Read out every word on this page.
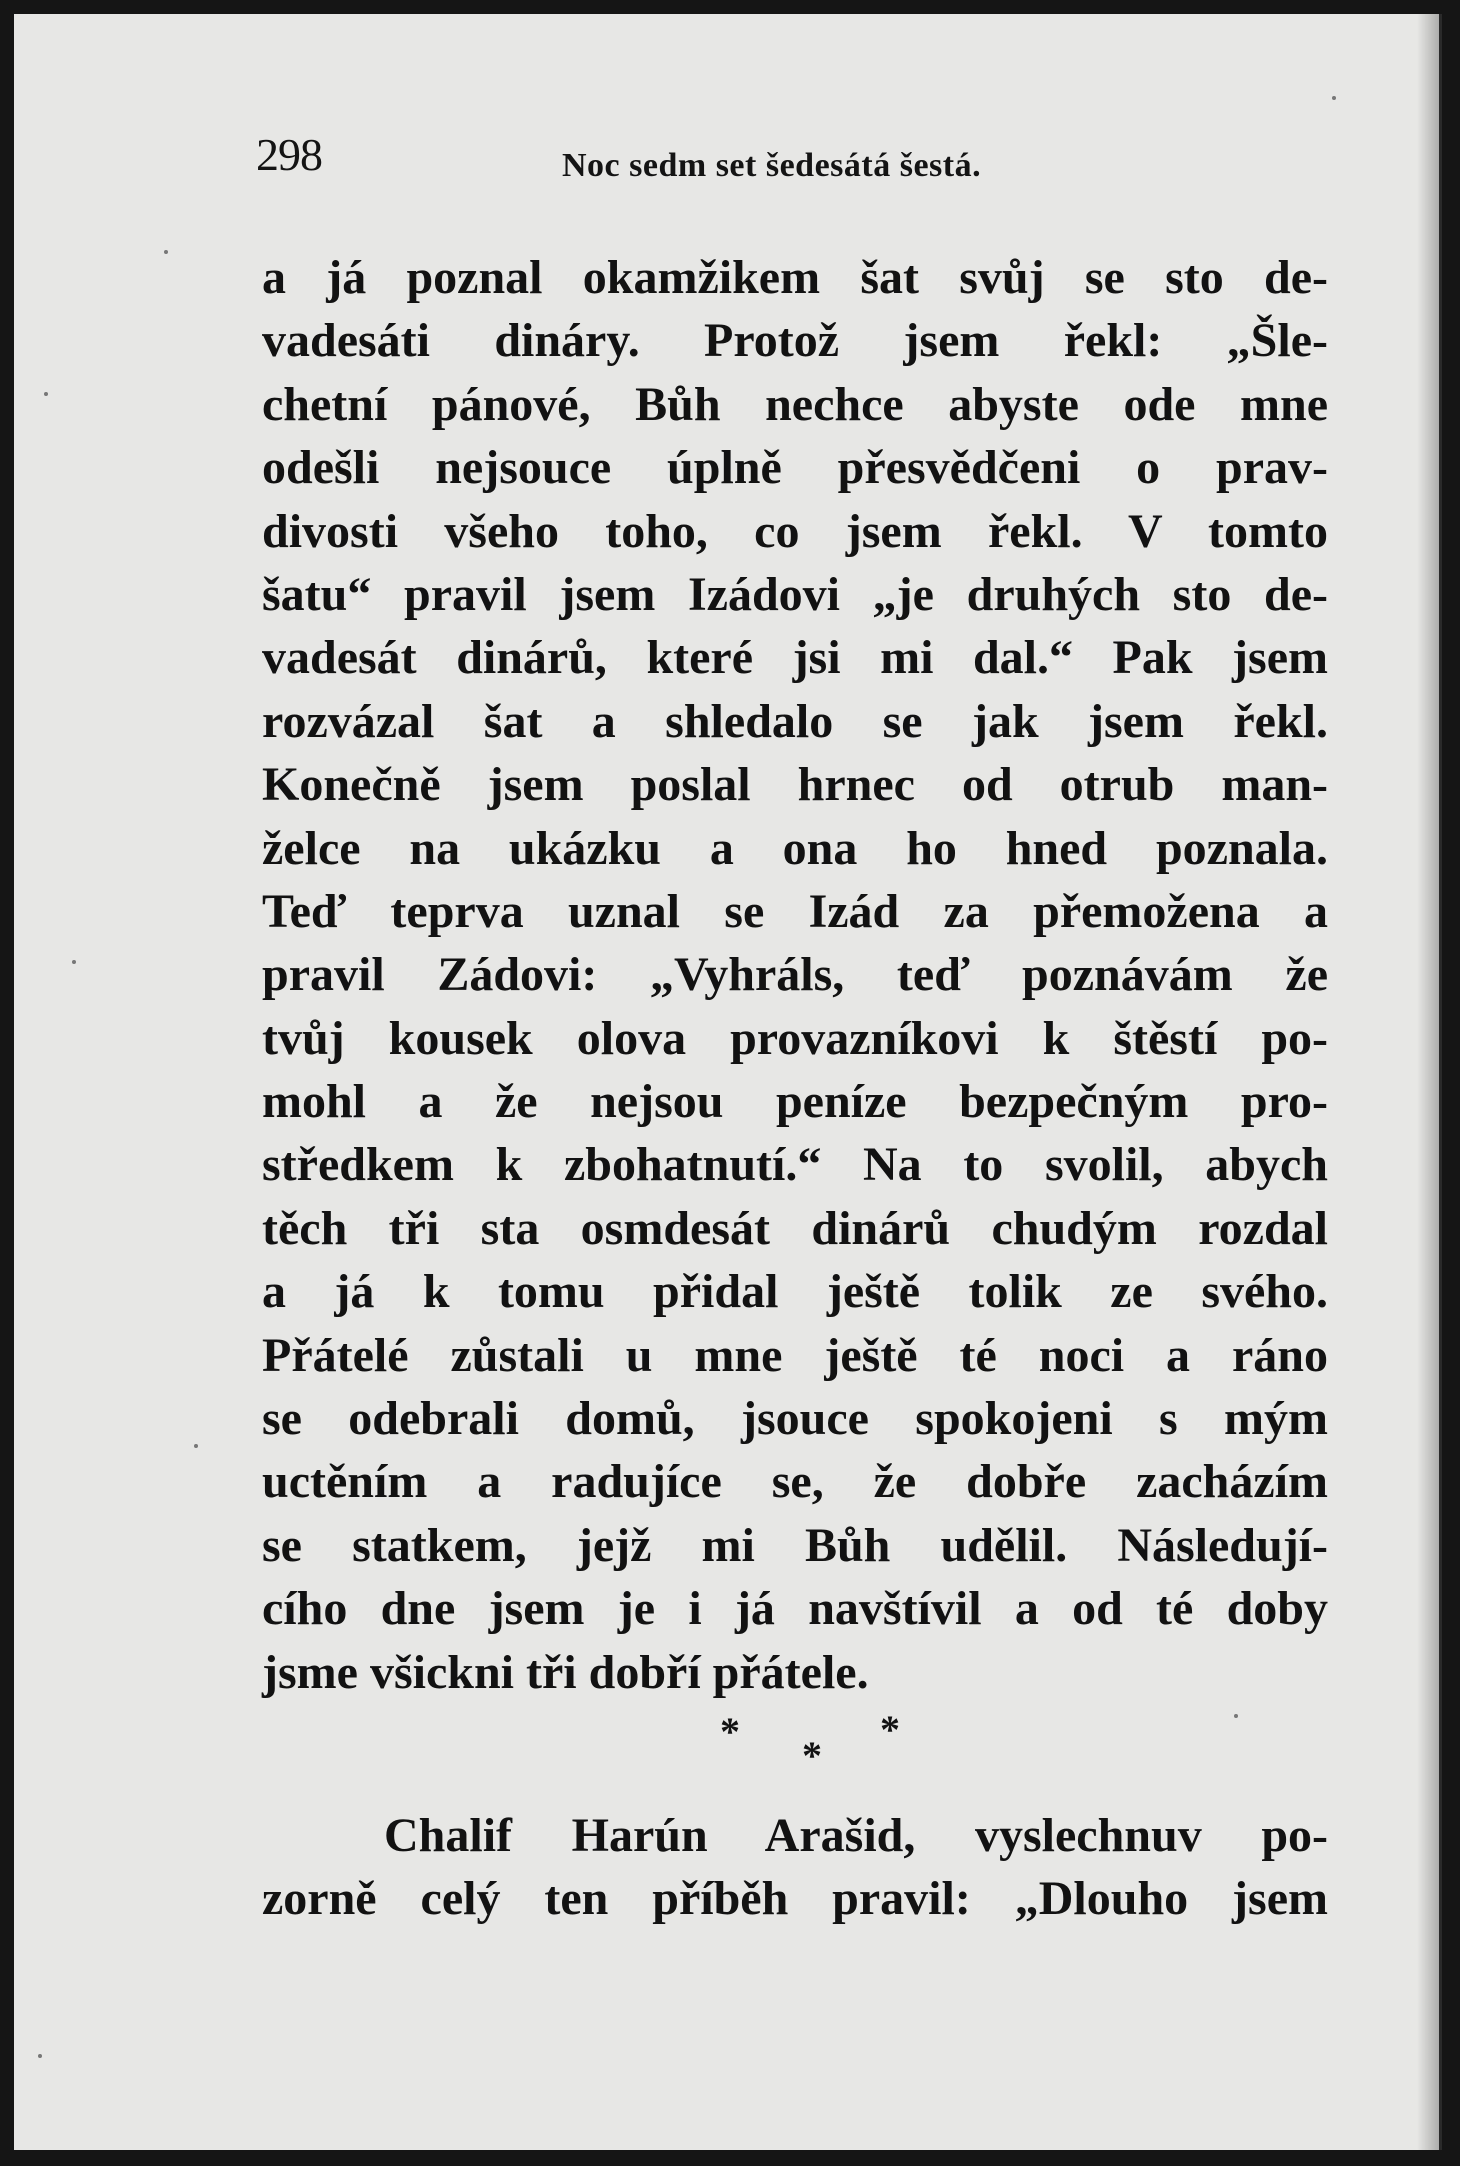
298	Noc sedm set šedesátá šestá.
a já poznal okamžikem šat svůj se sto de-
vadesáti dináry. Protož jsem řekl: „Šle-
chetní pánové, Bůh nechce abyste ode mne
odešli nejsouce úplně přesvědčeni o prav-
divosti všeho toho, co jsem řekl. V tomto
šatu“ pravil jsem Izádovi „je druhých sto de-
vadesát dinárů, které jsi mi dal.“ Pak jsem
rozvázal šat a shledalo se jak jsem řekl.
Konečně jsem poslal hrnec od otrub man-
želce na ukázku a ona ho hned poznala.
Teď teprva uznal se Izád za přemožena a
pravil Zádovi: „Vyhráls, teď poznávám že
tvůj kousek olova provazníkovi k štěstí po-
mohl a že nejsou peníze bezpečným pro-
středkem k zbohatnutí.“ Na to svolil, abych
těch tři sta osmdesát dinárů chudým rozdal
a já k tomu přidal ještě tolik ze svého.
Přátelé zůstali u mne ještě té noci a ráno
se odebrali domů, jsouce spokojeni s mým
uctěním a radujíce se, že dobře zacházím
se statkem, jejž mi Bůh udělil. Následují-
cího dne jsem je i já navštívil a od té doby
jsme všickni tři dobří přátele.
*
*
*
Chalif Harún Arašid, vyslechnuv po-
zorně celý ten příběh pravil: „Dlouho jsem
